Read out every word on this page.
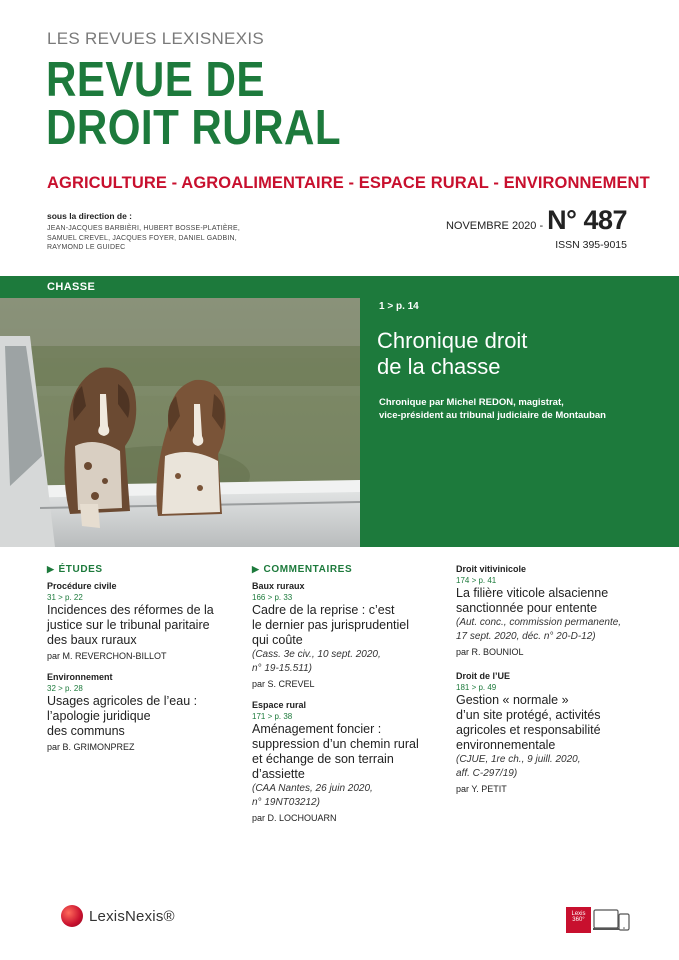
LES REVUES LEXISNEXIS
REVUE DE
DROIT RURAL
AGRICULTURE - AGROALIMENTAIRE - ESPACE RURAL - ENVIRONNEMENT
sous la direction de :
JEAN-JACQUES BARBIÈRI, HUBERT BOSSE-PLATIÈRE,
SAMUEL CREVEL, JACQUES FOYER, DANIEL GADBIN,
RAYMOND LE GUIDEC
NOVEMBRE 2020 - N° 487
ISSN 395-9015
CHASSE
1 > p. 14
Chronique droit
de la chasse
Chronique par Michel REDON, magistrat,
vice-président au tribunal judiciaire de Montauban
▶ ÉTUDES
Procédure civile
31 > p. 22
Incidences des réformes de la
justice sur le tribunal paritaire
des baux ruraux
par M. REVERCHON-BILLOT
Environnement
32 > p. 28
Usages agricoles de l’eau :
l’apologie juridique
des communs
par B. GRIMONPREZ
▶ COMMENTAIRES
Baux ruraux
166 > p. 33
Cadre de la reprise : c’est
le dernier pas jurisprudentiel
qui coûte
(Cass. 3e civ., 10 sept. 2020,
n° 19-15.511)
par S. CREVEL
Espace rural
171 > p. 38
Aménagement foncier :
suppression d’un chemin rural
et échange de son terrain
d’assiette
(CAA Nantes, 26 juin 2020,
n° 19NT03212)
par D. LOCHOUARN
Droit vitivinicole
174 > p. 41
La filière viticole alsacienne
sanctionnée pour entente
(Aut. conc., commission permanente,
17 sept. 2020, déc. n° 20-D-12)
par R. BOUNIOL
Droit de l’UE
181 > p. 49
Gestion « normale »
d’un site protégé, activités
agricoles et responsabilité
environnementale
(CJUE, 1re ch., 9 juill. 2020,
aff. C-297/19)
par Y. PETIT
LexisNexis®	Lexis
360°
